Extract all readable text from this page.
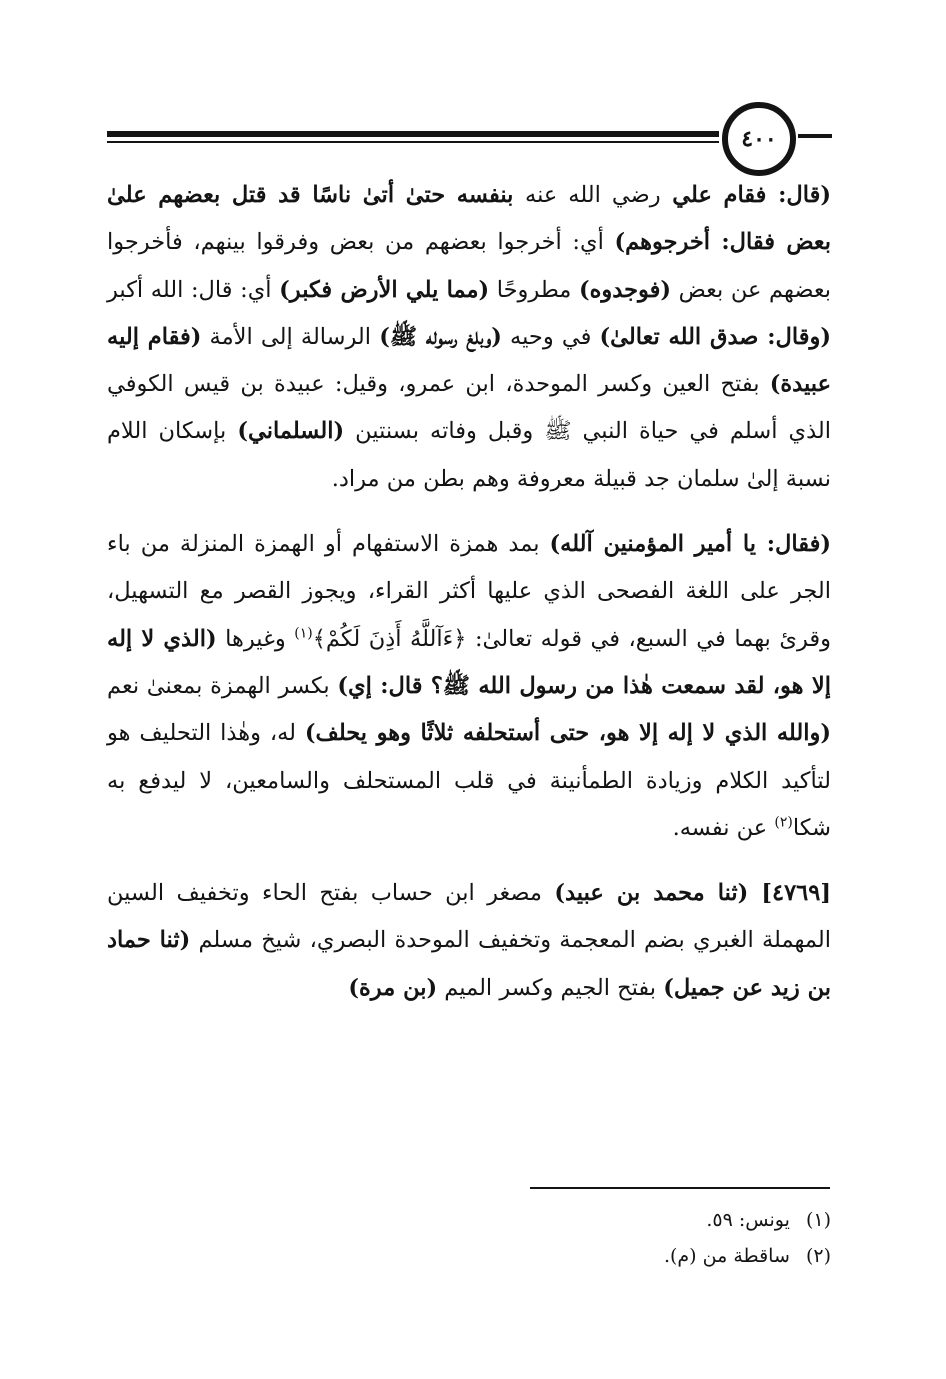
٤٠٠

(قال: فقام علي رضي الله عنه بنفسه حتىٰ أتىٰ ناسًا قد قتل بعضهم علىٰ بعض فقال: أخرجوهم) أي: أخرجوا بعضهم من بعض وفرقوا بينهم، فأخرجوا بعضهم عن بعض (فوجدوه) مطروحًا (مما يلي الأرض فكبر) أي: قال: الله أكبر (وقال: صدق الله تعالىٰ) في وحيه (وبلغ رسوله ﷺ) الرسالة إلى الأمة (فقام إليه عبيدة) بفتح العين وكسر الموحدة، ابن عمرو، وقيل: عبيدة بن قيس الكوفي الذي أسلم في حياة النبي ﷺ وقبل وفاته بسنتين (السلماني) بإسكان اللام نسبة إلىٰ سلمان جد قبيلة معروفة وهم بطن من مراد.

(فقال: يا أمير المؤمنين آلله) بمد همزة الاستفهام أو الهمزة المنزلة من باء الجر على اللغة الفصحى الذي عليها أكثر القراء، ويجوز القصر مع التسهيل، وقرئ بهما في السبع، في قوله تعالىٰ: ﴿ءَآللَّهُ أَذِنَ لَكُمْ﴾$^{(١)}$ وغيرها (الذي لا إله إلا هو، لقد سمعت هٰذا من رسول الله ﷺ؟ قال: إي) بكسر الهمزة بمعنىٰ نعم (والله الذي لا إله إلا هو، حتى أستحلفه ثلاثًا وهو يحلف) له، وهٰذا التحليف هو لتأكيد الكلام وزيادة الطمأنينة في قلب المستحلف والسامعين، لا ليدفع به شكا$^{(٢)}$ عن نفسه.

[٤٧٦٩] (ثنا محمد بن عبيد) مصغر ابن حساب بفتح الحاء وتخفيف السين المهملة الغبري بضم المعجمة وتخفيف الموحدة البصري، شيخ مسلم (ثنا حماد بن زيد عن جميل) بفتح الجيم وكسر الميم (بن مرة)

(١) يونس: ٥٩.
(٢) ساقطة من (م).
